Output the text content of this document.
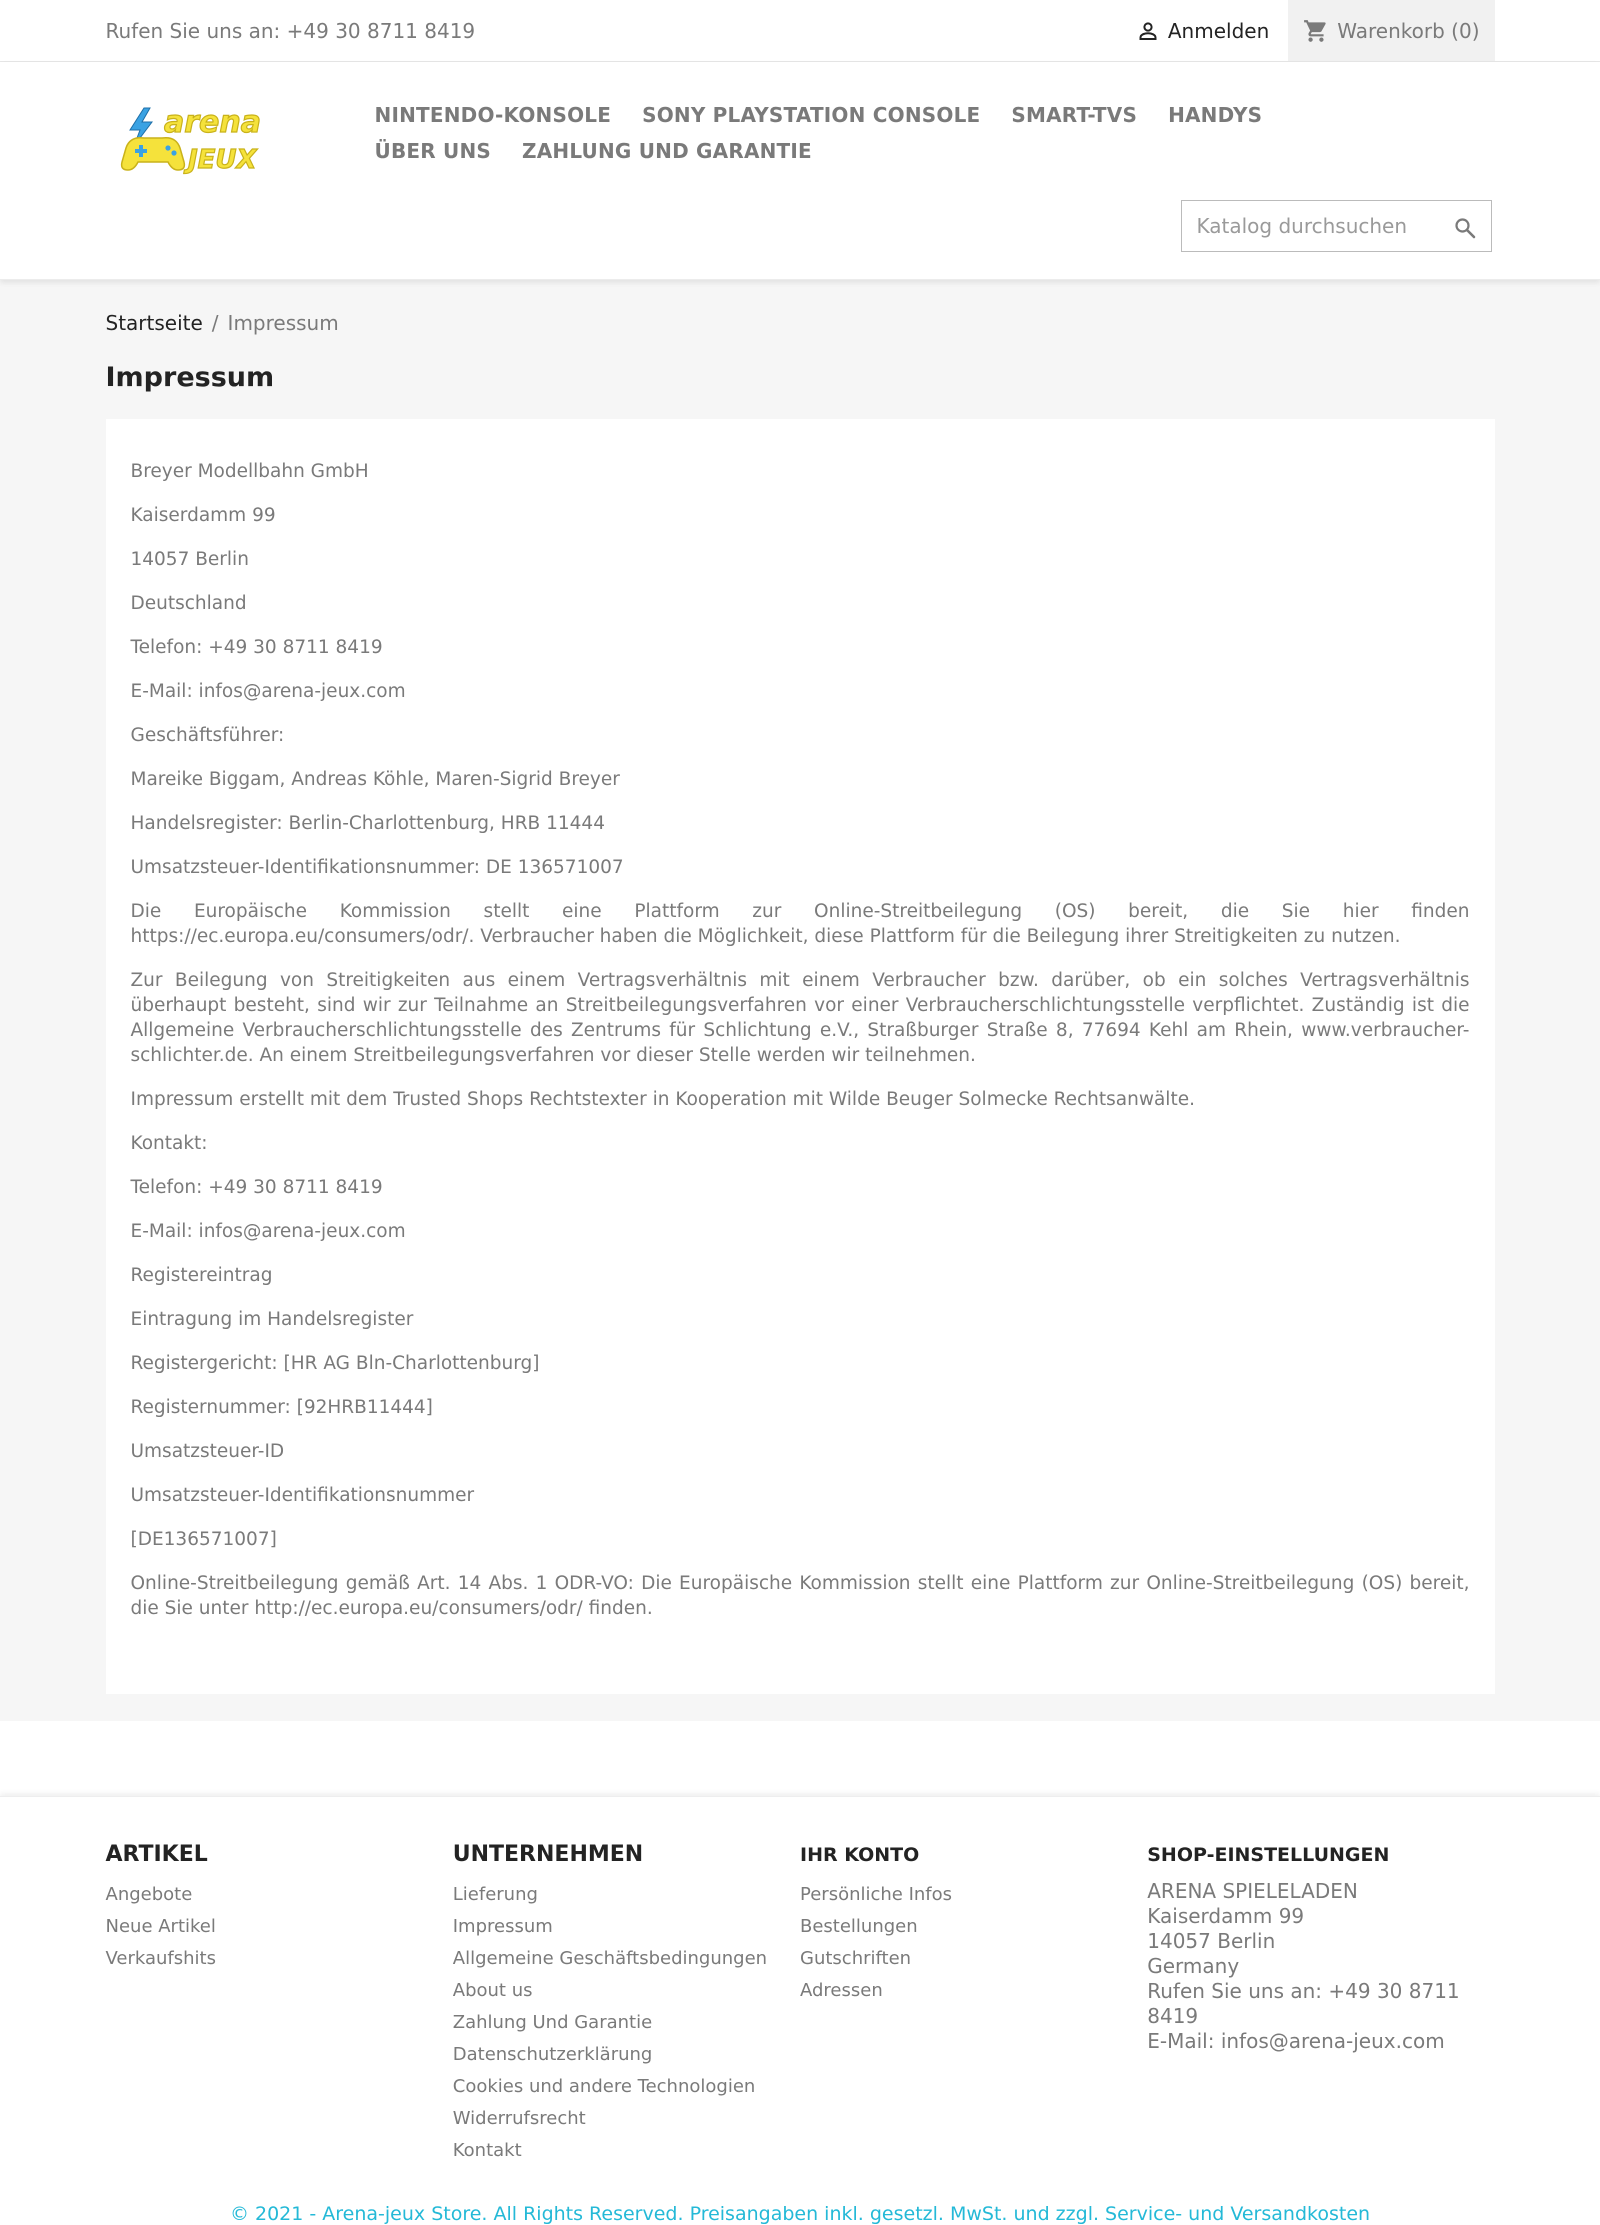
Rufen Sie uns an: +49 30 8711 8419	Anmelden	Warenkorb (0)
arena
JEUX
NINTENDO-KONSOLE SONY PLAYSTATION CONSOLE SMART-TVS HANDYS
ÜBER UNS ZAHLUNG UND GARANTIE
Katalog durchsuchen
Startseite / Impressum
Impressum

Breyer Modellbahn GmbH

Kaiserdamm 99

14057 Berlin

Deutschland

Telefon: +49 30 8711 8419

E-Mail: infos@arena-jeux.com

Geschäftsführer:

Mareike Biggam, Andreas Köhle, Maren-Sigrid Breyer

Handelsregister: Berlin-Charlottenburg, HRB 11444

Umsatzsteuer-Identifikationsnummer: DE 136571007

Die Europäische Kommission stellt eine Plattform zur Online-Streitbeilegung (OS) bereit, die Sie hier finden https://ec.europa.eu/consumers/odr/. Verbraucher haben die Möglichkeit, diese Plattform für die Beilegung ihrer Streitigkeiten zu nutzen.

Zur Beilegung von Streitigkeiten aus einem Vertragsverhältnis mit einem Verbraucher bzw. darüber, ob ein solches Vertragsverhältnis überhaupt besteht, sind wir zur Teilnahme an Streitbeilegungsverfahren vor einer Verbraucherschlichtungsstelle verpflichtet. Zuständig ist die Allgemeine Verbraucherschlichtungsstelle des Zentrums für Schlichtung e.V., Straßburger Straße 8, 77694 Kehl am Rhein, www.verbraucher-schlichter.de. An einem Streitbeilegungsverfahren vor dieser Stelle werden wir teilnehmen.

Impressum erstellt mit dem Trusted Shops Rechtstexter in Kooperation mit Wilde Beuger Solmecke Rechtsanwälte.

Kontakt:

Telefon: +49 30 8711 8419

E-Mail: infos@arena-jeux.com

Registereintrag

Eintragung im Handelsregister

Registergericht: [HR AG Bln-Charlottenburg]

Registernummer: [92HRB11444]

Umsatzsteuer-ID

Umsatzsteuer-Identifikationsnummer

[DE136571007]

Online-Streitbeilegung gemäß Art. 14 Abs. 1 ODR-VO: Die Europäische Kommission stellt eine Plattform zur Online-Streitbeilegung (OS) bereit, die Sie unter http://ec.europa.eu/consumers/odr/ finden.

ARTIKEL
Angebote
Neue Artikel
Verkaufshits
UNTERNEHMEN
Lieferung
Impressum
Allgemeine Geschäftsbedingungen
About us
Zahlung Und Garantie
Datenschutzerklärung
Cookies und andere Technologien
Widerrufsrecht
Kontakt
IHR KONTO
Persönliche Infos
Bestellungen
Gutschriften
Adressen
SHOP-EINSTELLUNGEN
ARENA SPIELELADEN
Kaiserdamm 99
14057 Berlin
Germany
Rufen Sie uns an: +49 30 8711
8419
E-Mail: infos@arena-jeux.com
© 2021 - Arena-jeux Store. All Rights Reserved. Preisangaben inkl. gesetzl. MwSt. und zzgl. Service- und Versandkosten
